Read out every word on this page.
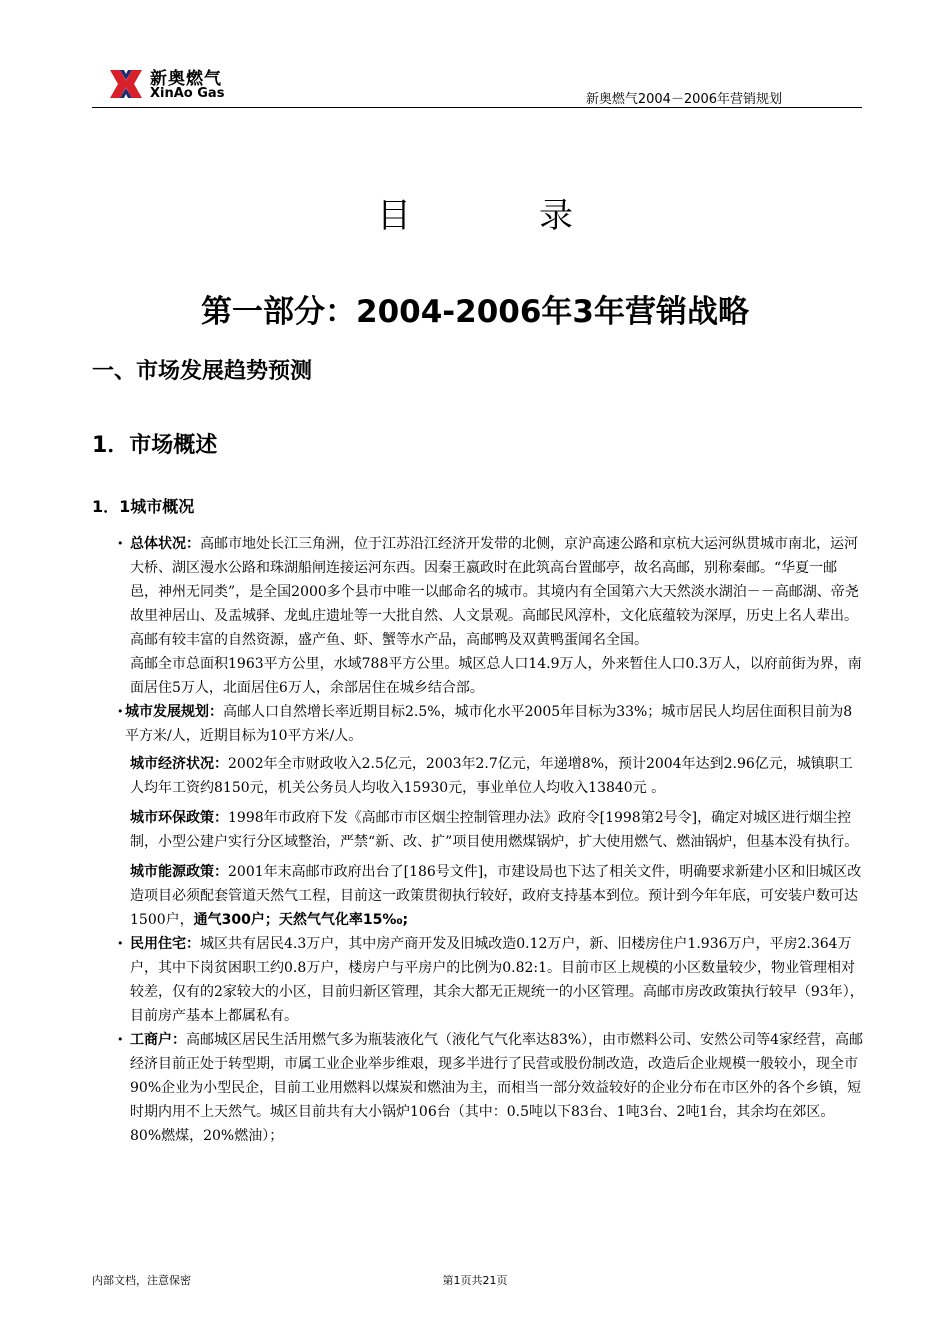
新奥燃气
XinAo Gas	新奥燃气2004－2006年营销规划
目录
第一部分：2004-2006年3年营销战略
一、市场发展趋势预测
1．市场概述
1．1城市概况
• 总体状况：高邮市地处长江三角洲，位于江苏沿江经济开发带的北侧，京沪高速公路和京杭大运河纵贯城市南北，运河大桥、湖区漫水公路和珠湖船闸连接运河东西。因秦王嬴政时在此筑高台置邮亭，故名高邮，别称秦邮。“华夏一邮邑，神州无同类”，是全国2000多个县市中唯一以邮命名的城市。其境内有全国第六大天然淡水湖泊－－高邮湖、帝尧故里神居山、及盂城驿、龙虬庄遗址等一大批自然、人文景观。高邮民风淳朴，文化底蕴较为深厚，历史上名人辈出。高邮有较丰富的自然资源，盛产鱼、虾、蟹等水产品，高邮鸭及双黄鸭蛋闻名全国。

高邮全市总面积1963平方公里，水域788平方公里。城区总人口14.9万人，外来暂住人口0.3万人，以府前街为界，南面居住5万人，北面居住6万人，余部居住在城乡结合部。

• 城市发展规划：高邮人口自然增长率近期目标2.5%，城市化水平2005年目标为33%；城市居民人均居住面积目前为8平方米/人，近期目标为10平方米/人。

城市经济状况：2002年全市财政收入2.5亿元，2003年2.7亿元，年递增8%，预计2004年达到2.96亿元，城镇职工人均年工资约8150元，机关公务员人均收入15930元，事业单位人均收入13840元 。

城市环保政策：1998年市政府下发《高邮市市区烟尘控制管理办法》政府令[1998第2号令]，确定对城区进行烟尘控制，小型公建户实行分区域整治，严禁“新、改、扩”项目使用燃煤锅炉，扩大使用燃气、燃油锅炉，但基本没有执行。

城市能源政策：2001年末高邮市政府出台了[186号文件]，市建设局也下达了相关文件，明确要求新建小区和旧城区改造项目必须配套管道天然气工程，目前这一政策贯彻执行较好，政府支持基本到位。预计到今年年底，可安装户数可达1500户，通气300户；天然气气化率15‰;

• 民用住宅：城区共有居民4.3万户，其中房产商开发及旧城改造0.12万户，新、旧楼房住户1.936万户，平房2.364万户，其中下岗贫困职工约0.8万户，楼房户与平房户的比例为0.82:1。目前市区上规模的小区数量较少，物业管理相对较差，仅有的2家较大的小区，目前归新区管理，其余大都无正规统一的小区管理。高邮市房改政策执行较早（93年），目前房产基本上都属私有。

• 工商户：高邮城区居民生活用燃气多为瓶装液化气（液化气气化率达83%），由市燃料公司、安然公司等4家经营，高邮经济目前正处于转型期，市属工业企业举步维艰，现多半进行了民营或股份制改造，改造后企业规模一般较小，现全市90%企业为小型民企，目前工业用燃料以煤炭和燃油为主，而相当一部分效益较好的企业分布在市区外的各个乡镇，短时期内用不上天然气。城区目前共有大小锅炉106台（其中：0.5吨以下83台、1吨3台、2吨1台，其余均在郊区。80%燃煤，20%燃油）；

内部文档，注意保密	第1页共21页
